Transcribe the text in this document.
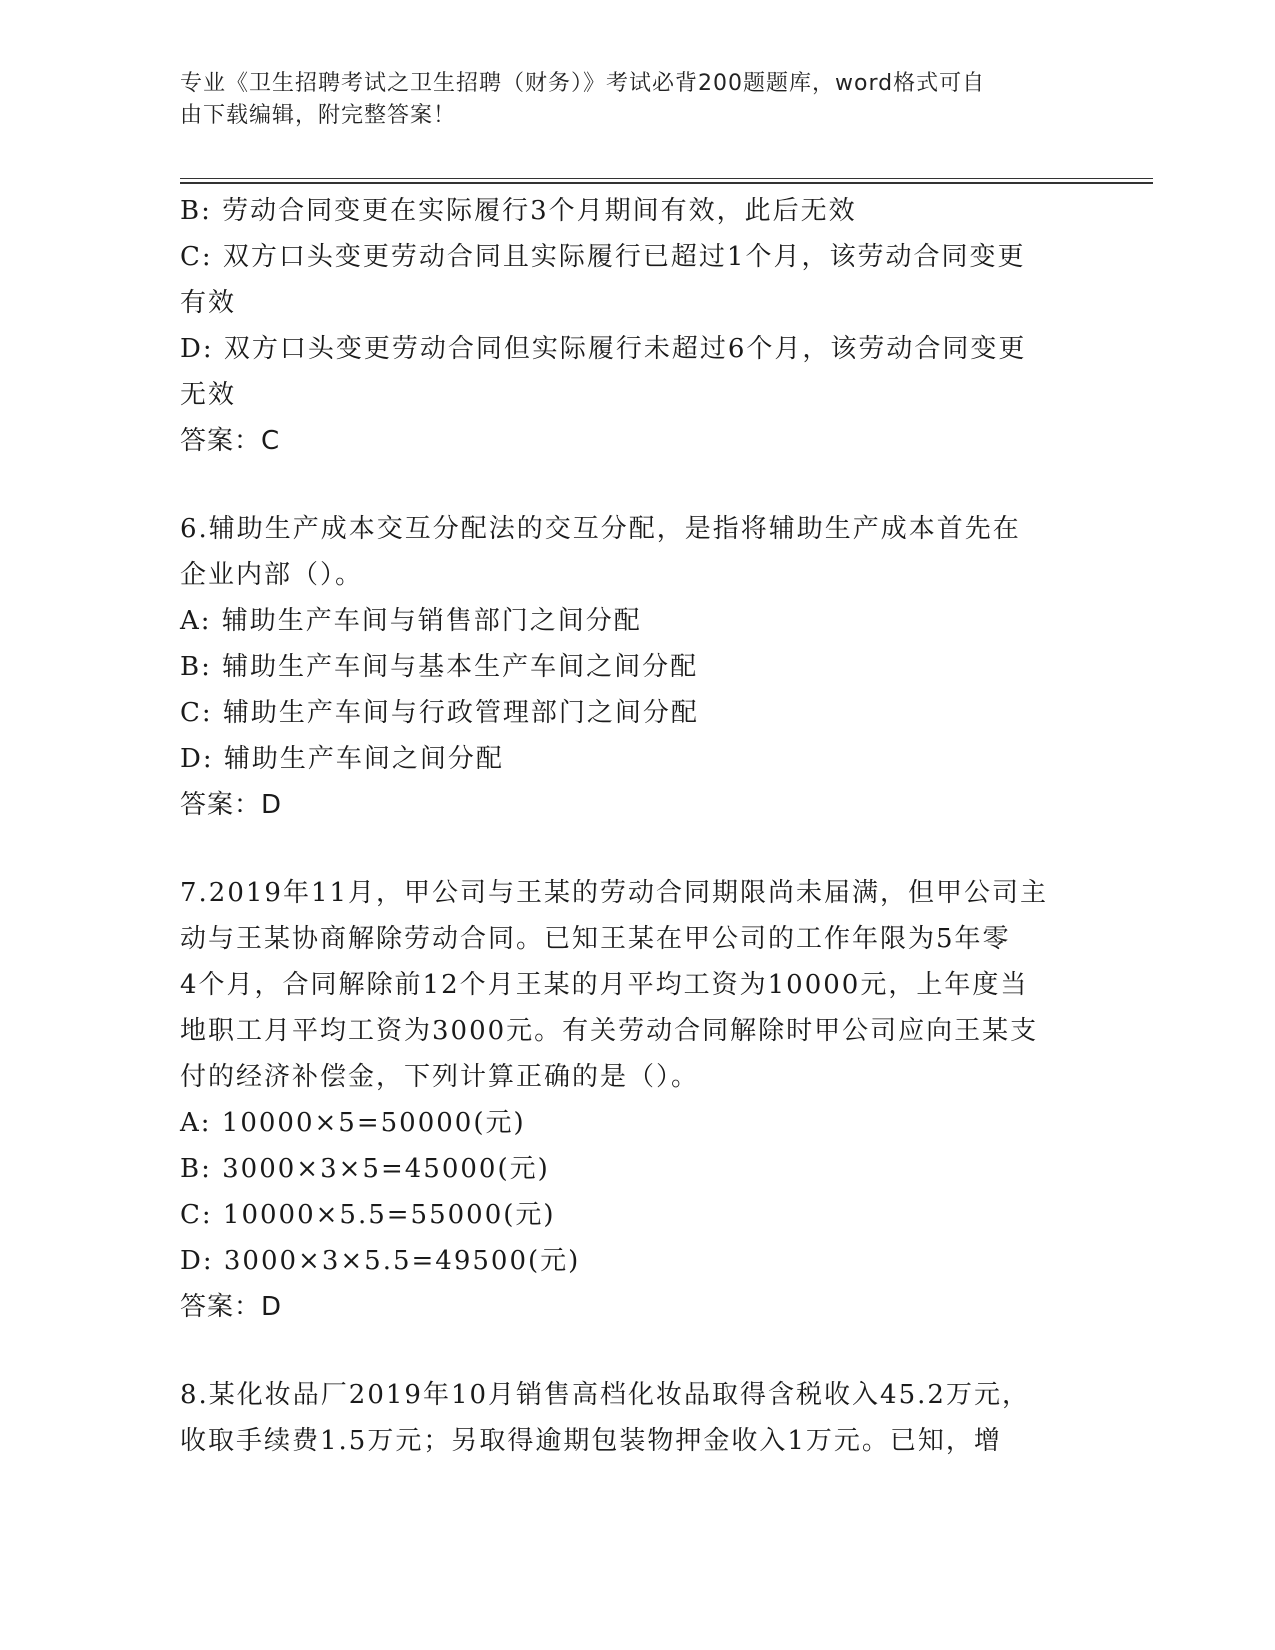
专业《卫生招聘考试之卫生招聘（财务）》考试必背200题题库，word格式可自
由下载编辑，附完整答案！
B: 劳动合同变更在实际履行3个月期间有效，此后无效
C: 双方口头变更劳动合同且实际履行已超过1个月，该劳动合同变更
有效
D: 双方口头变更劳动合同但实际履行未超过6个月，该劳动合同变更
无效
答案：C
6.辅助生产成本交互分配法的交互分配，是指将辅助生产成本首先在
企业内部（）。
A: 辅助生产车间与销售部门之间分配
B: 辅助生产车间与基本生产车间之间分配
C: 辅助生产车间与行政管理部门之间分配
D: 辅助生产车间之间分配
答案：D
7.2019年11月，甲公司与王某的劳动合同期限尚未届满，但甲公司主
动与王某协商解除劳动合同。已知王某在甲公司的工作年限为5年零
4个月，合同解除前12个月王某的月平均工资为10000元，上年度当
地职工月平均工资为3000元。有关劳动合同解除时甲公司应向王某支
付的经济补偿金，下列计算正确的是（）。
A: 10000×5=50000(元)
B: 3000×3×5=45000(元)
C: 10000×5.5=55000(元)
D: 3000×3×5.5=49500(元)
答案：D
8.某化妆品厂2019年10月销售高档化妆品取得含税收入45.2万元，
收取手续费1.5万元；另取得逾期包装物押金收入1万元。已知，增
